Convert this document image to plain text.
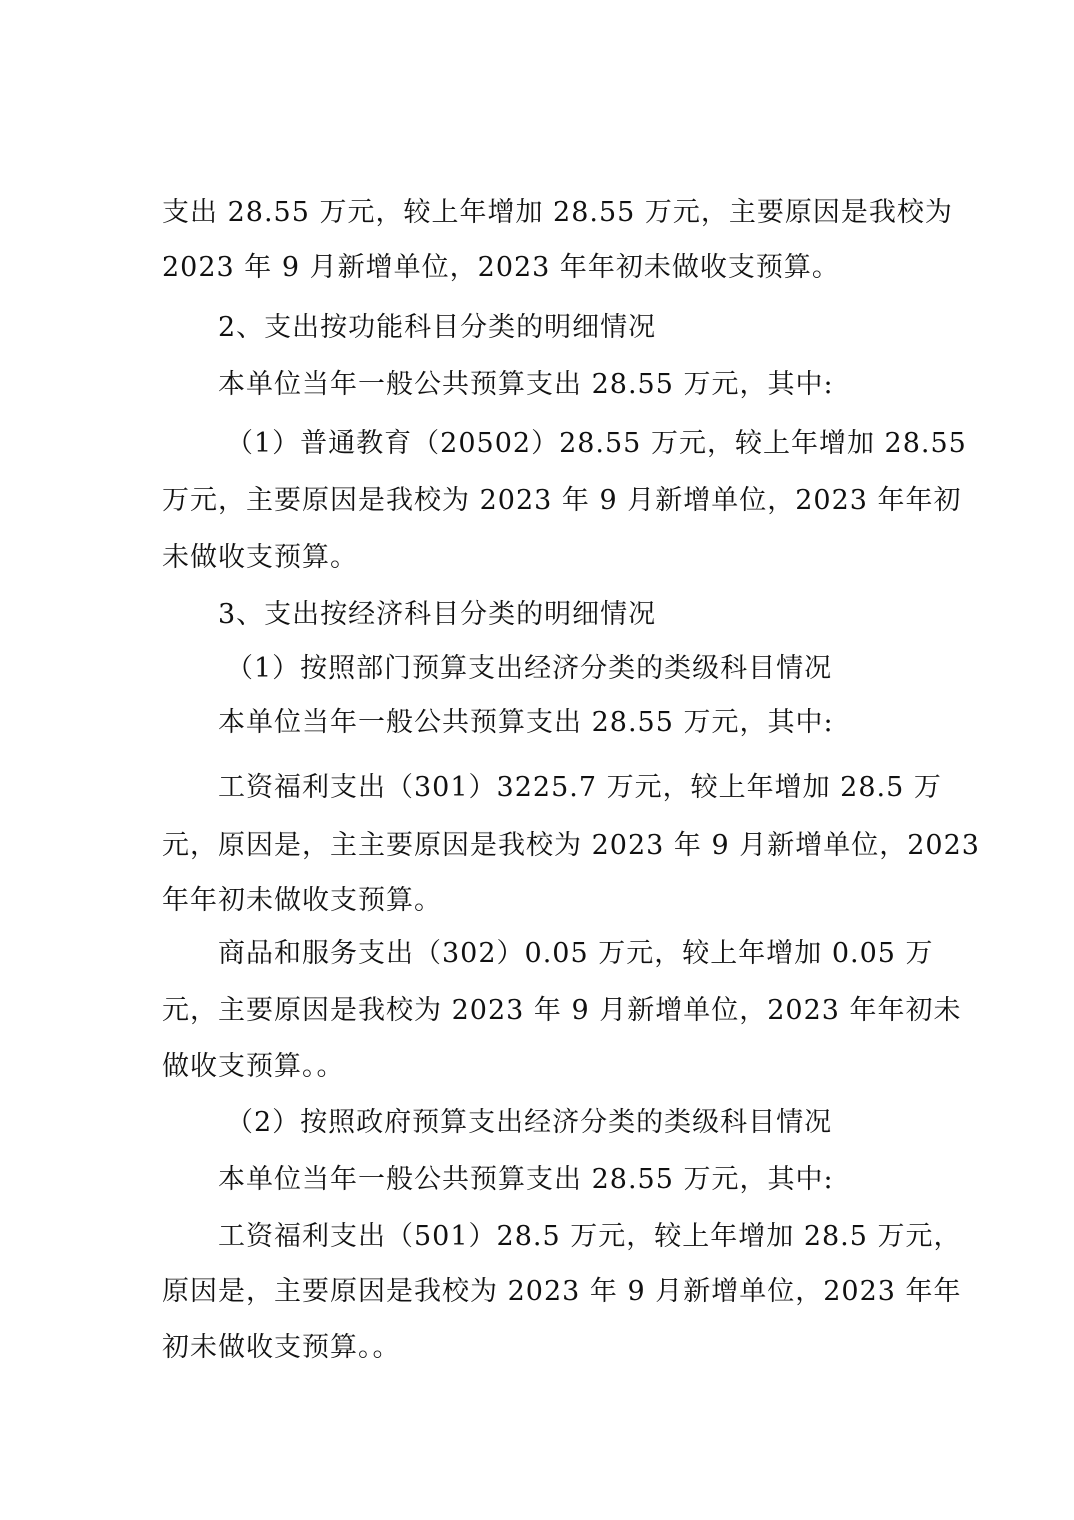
支出 28.55 万元，较上年增加 28.55 万元，主要原因是我校为
2023 年 9 月新增单位，2023 年年初未做收支预算。
2、支出按功能科目分类的明细情况
本单位当年一般公共预算支出 28.55 万元，其中:
（1）普通教育（20502）28.55 万元，较上年增加 28.55
万元，主要原因是我校为 2023 年 9 月新增单位，2023 年年初
未做收支预算。
3、支出按经济科目分类的明细情况
（1）按照部门预算支出经济分类的类级科目情况
本单位当年一般公共预算支出 28.55 万元，其中:
工资福利支出（301）3225.7 万元，较上年增加 28.5 万
元，原因是，主主要原因是我校为 2023 年 9 月新增单位，2023
年年初未做收支预算。
商品和服务支出（302）0.05 万元，较上年增加 0.05 万
元，主要原因是我校为 2023 年 9 月新增单位，2023 年年初未
做收支预算。。
（2）按照政府预算支出经济分类的类级科目情况
本单位当年一般公共预算支出 28.55 万元，其中:
工资福利支出（501）28.5 万元，较上年增加 28.5 万元，
原因是，主要原因是我校为 2023 年 9 月新增单位，2023 年年
初未做收支预算。。
